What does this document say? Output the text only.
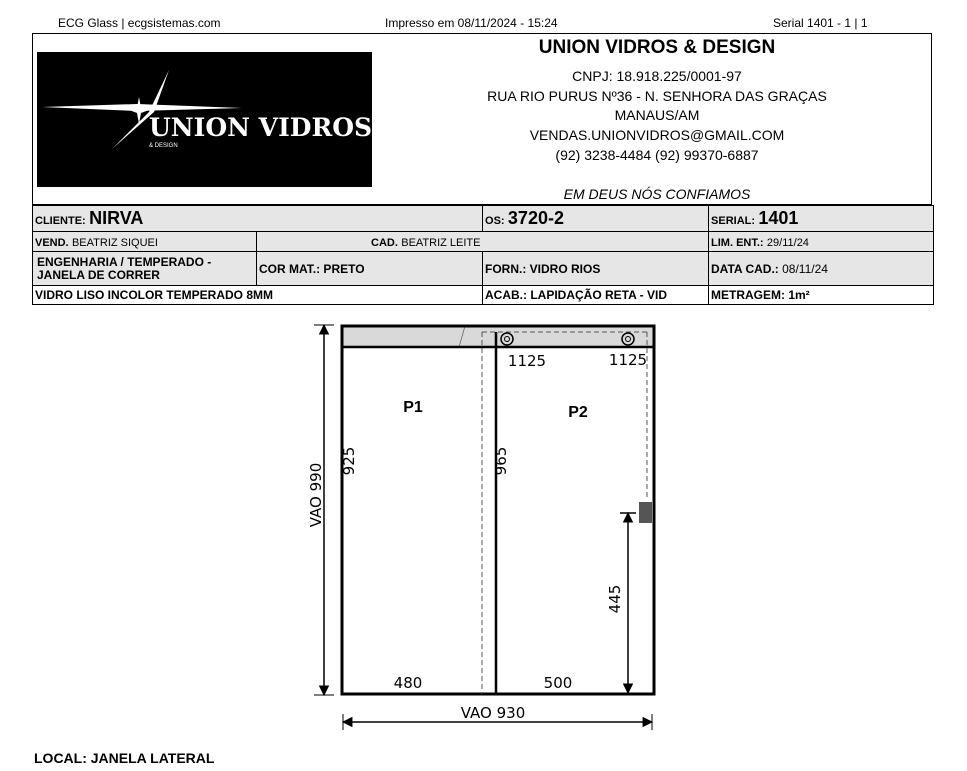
ECG Glass | ecgsistemas.com	Impresso em 08/11/2024 - 15:24	Serial 1401 - 1 | 1
UNION VIDROS
& DESIGN
UNION VIDROS & DESIGN
CNPJ: 18.918.225/0001-97
RUA RIO PURUS Nº36 - N. SENHORA DAS GRAÇAS
MANAUS/AM
VENDAS.UNIONVIDROS@GMAIL.COM
(92) 3238-4484 (92) 99370-6887
EM DEUS NÓS CONFIAMOS
CLIENTE: NIRVA		OS: 3720-2	SERIAL: 1401
VEND. BEATRIZ SIQUEI	CAD. BEATRIZ LEITE		LIM. ENT.: 29/11/24

ENGENHARIA / TEMPERADO -
JANELA DE CORRER	COR MAT.: PRETO	FORN.: VIDRO RIOS	DATA CAD.: 08/11/24
VIDRO LISO INCOLOR TEMPERADO 8MM		ACAB.: LAPIDAÇÃO RETA - VID	METRAGEM: 1m²
VAO 990
VAO 930
P1	P2
925	965
1125	1125
480	500
445
LOCAL: JANELA LATERAL
